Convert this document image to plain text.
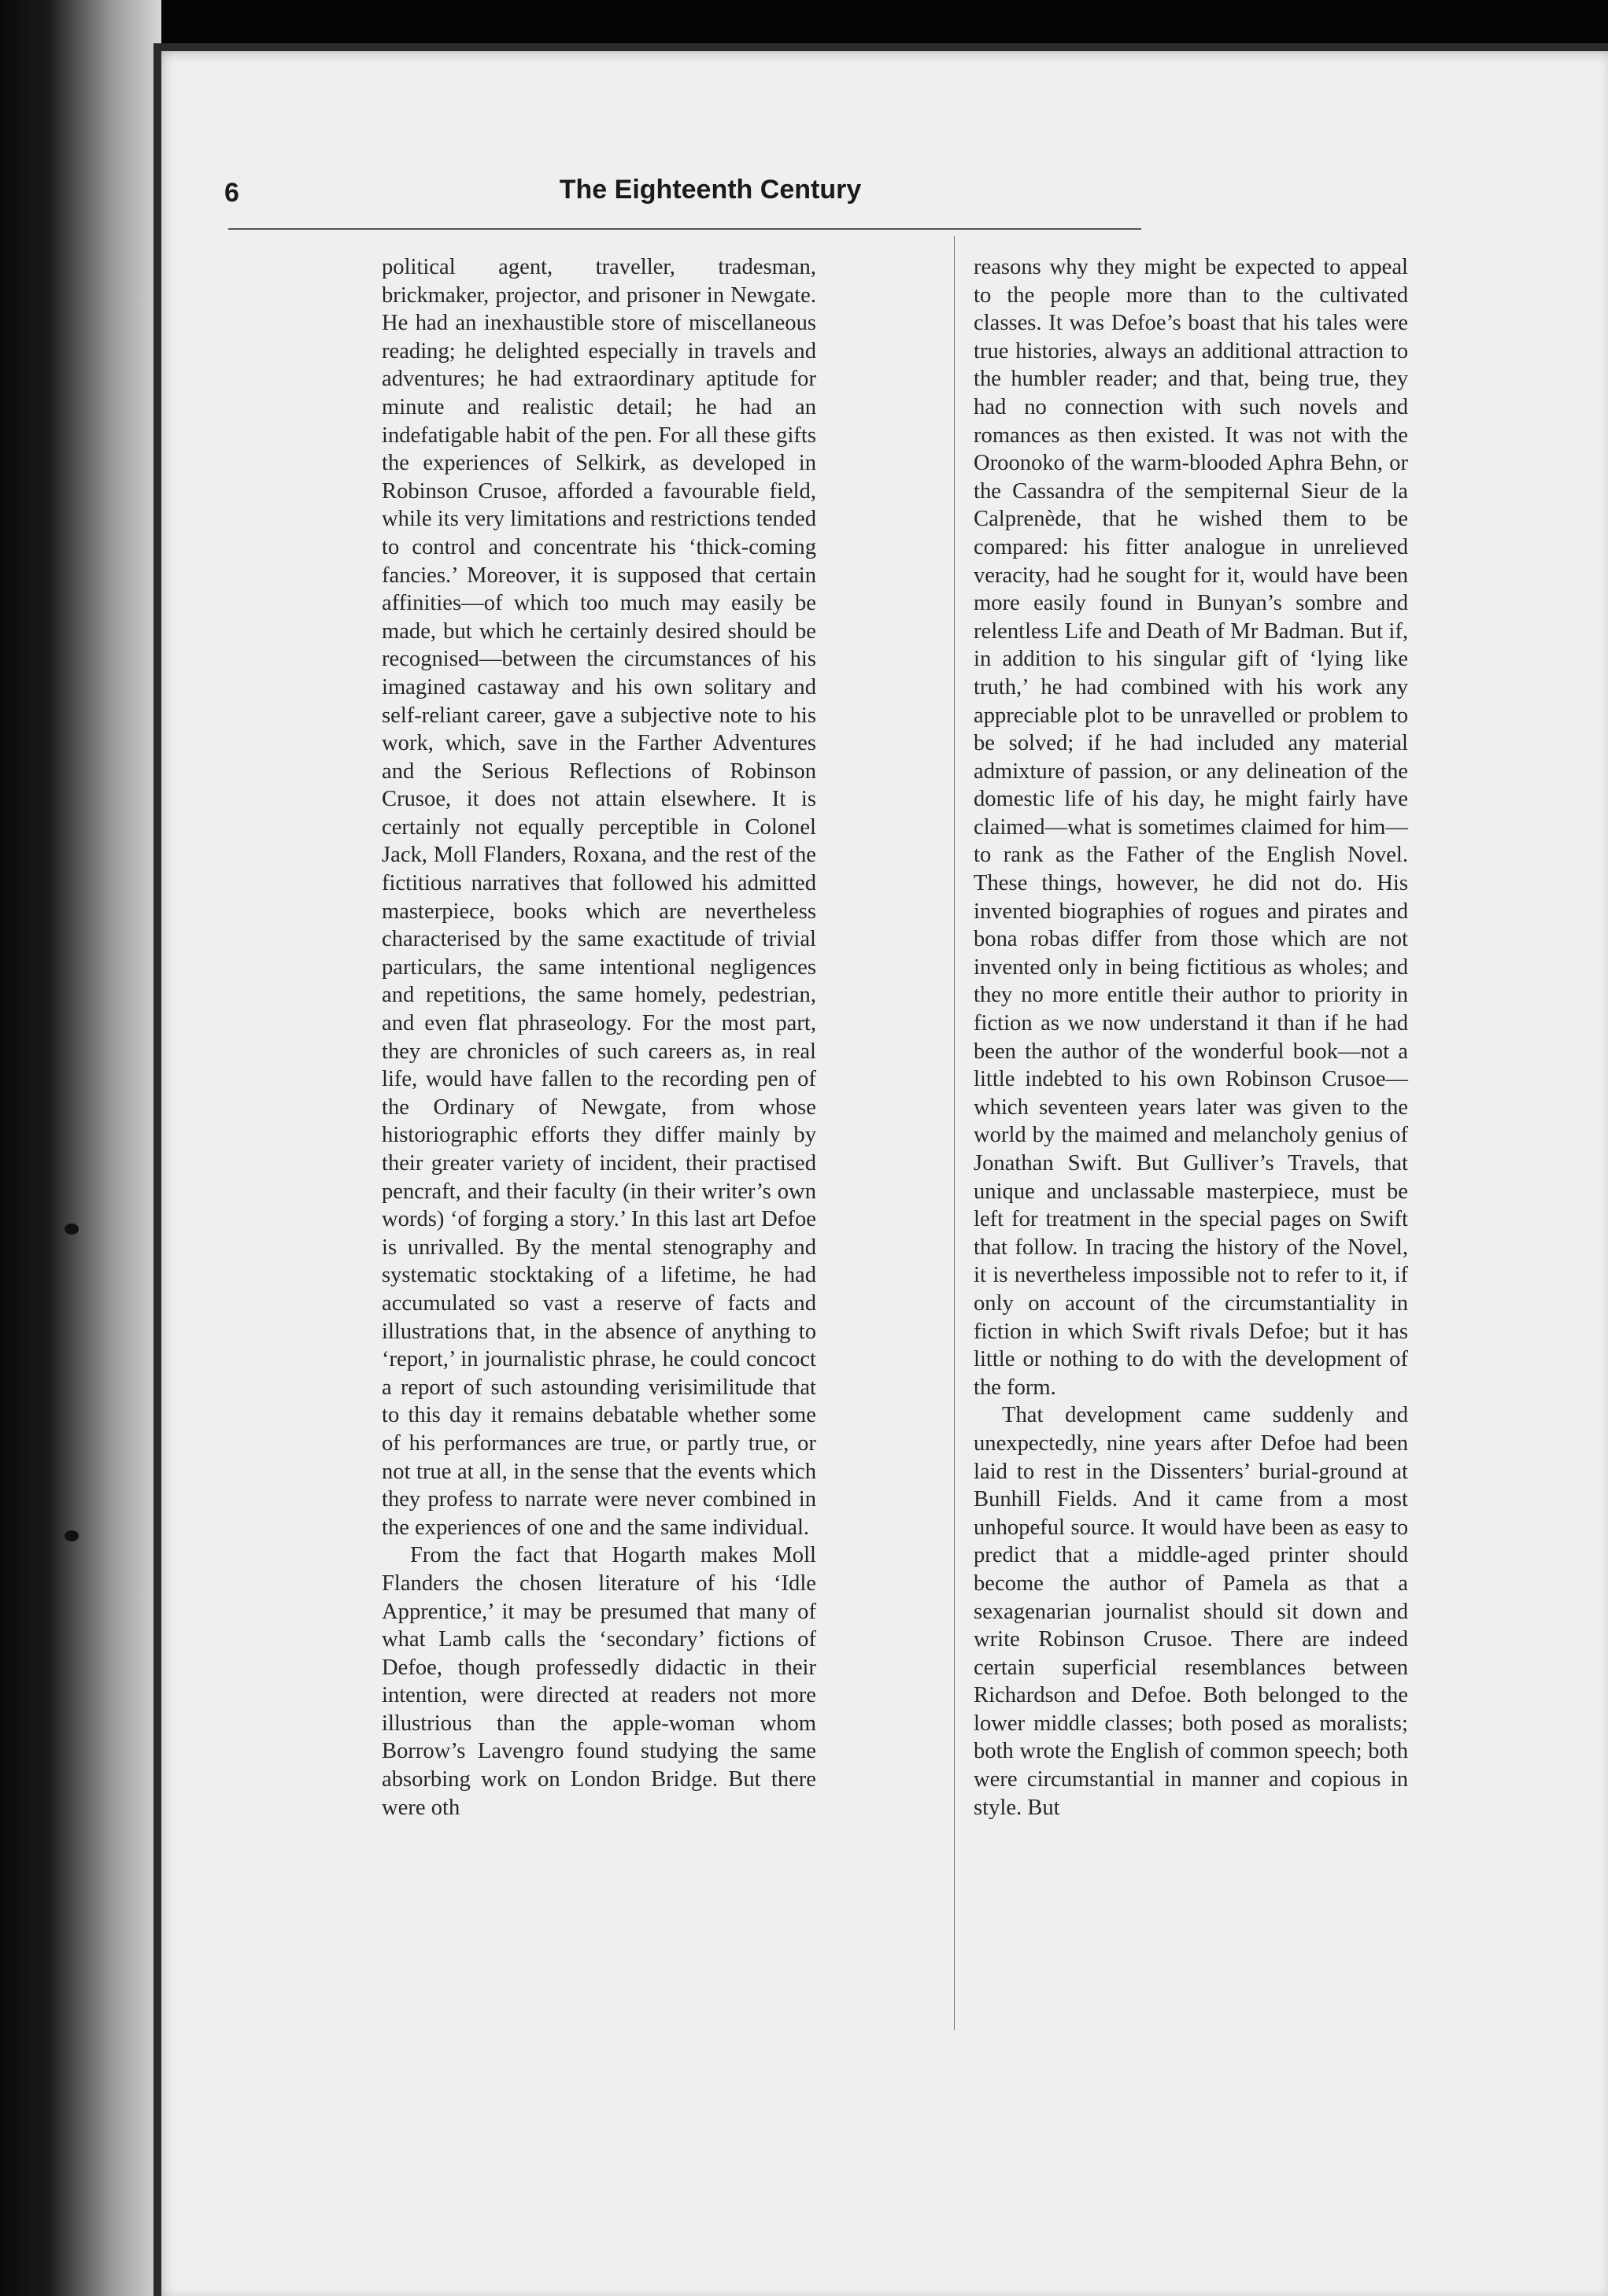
6	The Eighteenth Century

political agent, traveller, tradesman, brickmaker, projector, and prisoner in Newgate. He had an inexhaustible store of miscellaneous reading; he delighted especially in travels and adventures; he had extraordinary aptitude for minute and realistic detail; he had an indefatigable habit of the pen. For all these gifts the experiences of Selkirk, as developed in Robinson Crusoe, afforded a favourable field, while its very limitations and restrictions tended to control and concentrate his ‘thick-coming fancies.’ Moreover, it is supposed that certain affinities—of which too much may easily be made, but which he certainly desired should be recognised—between the circumstances of his imagined castaway and his own solitary and self-reliant career, gave a subjective note to his work, which, save in the Farther Adventures and the Serious Reflections of Robinson Crusoe, it does not attain elsewhere. It is certainly not equally perceptible in Colonel Jack, Moll Flanders, Roxana, and the rest of the fictitious narratives that followed his admitted masterpiece, books which are nevertheless characterised by the same exactitude of trivial particulars, the same intentional negligences and repetitions, the same homely, pedestrian, and even flat phraseology. For the most part, they are chronicles of such careers as, in real life, would have fallen to the recording pen of the Ordinary of Newgate, from whose historiographic efforts they differ mainly by their greater variety of incident, their practised pencraft, and their faculty (in their writer’s own words) ‘of forging a story.’ In this last art Defoe is unrivalled. By the mental stenography and systematic stocktaking of a lifetime, he had accumulated so vast a reserve of facts and illustrations that, in the absence of anything to ‘report,’ in journalistic phrase, he could concoct a report of such astounding verisimilitude that to this day it remains debatable whether some of his performances are true, or partly true, or not true at all, in the sense that the events which they profess to narrate were never combined in the experiences of one and the same individual.

From the fact that Hogarth makes Moll Flanders the chosen literature of his ‘Idle Apprentice,’ it may be presumed that many of what Lamb calls the ‘secondary’ fictions of Defoe, though professedly didactic in their intention, were directed at readers not more illustrious than the apple-woman whom Borrow’s Lavengro found studying the same absorbing work on London Bridge. But there were oth

reasons why they might be expected to appeal to the people more than to the cultivated classes. It was Defoe’s boast that his tales were true histories, always an additional attraction to the humbler reader; and that, being true, they had no connection with such novels and romances as then existed. It was not with the Oroonoko of the warm-blooded Aphra Behn, or the Cassandra of the sempiternal Sieur de la Calprenède, that he wished them to be compared: his fitter analogue in unrelieved veracity, had he sought for it, would have been more easily found in Bunyan’s sombre and relentless Life and Death of Mr Badman. But if, in addition to his singular gift of ‘lying like truth,’ he had combined with his work any appreciable plot to be unravelled or problem to be solved; if he had included any material admixture of passion, or any delineation of the domestic life of his day, he might fairly have claimed—what is sometimes claimed for him—to rank as the Father of the English Novel. These things, however, he did not do. His invented biographies of rogues and pirates and bona robas differ from those which are not invented only in being fictitious as wholes; and they no more entitle their author to priority in fiction as we now understand it than if he had been the author of the wonderful book—not a little indebted to his own Robinson Crusoe—which seventeen years later was given to the world by the maimed and melancholy genius of Jonathan Swift. But Gulliver’s Travels, that unique and unclassable masterpiece, must be left for treatment in the special pages on Swift that follow. In tracing the history of the Novel, it is nevertheless impossible not to refer to it, if only on account of the circumstantiality in fiction in which Swift rivals Defoe; but it has little or nothing to do with the development of the form.

That development came suddenly and unexpectedly, nine years after Defoe had been laid to rest in the Dissenters’ burial-ground at Bunhill Fields. And it came from a most unhopeful source. It would have been as easy to predict that a middle-aged printer should become the author of Pamela as that a sexagenarian journalist should sit down and write Robinson Crusoe. There are indeed certain superficial resemblances between Richardson and Defoe. Both belonged to the lower middle classes; both posed as moralists; both wrote the English of common speech; both were circumstantial in manner and copious in style. But
